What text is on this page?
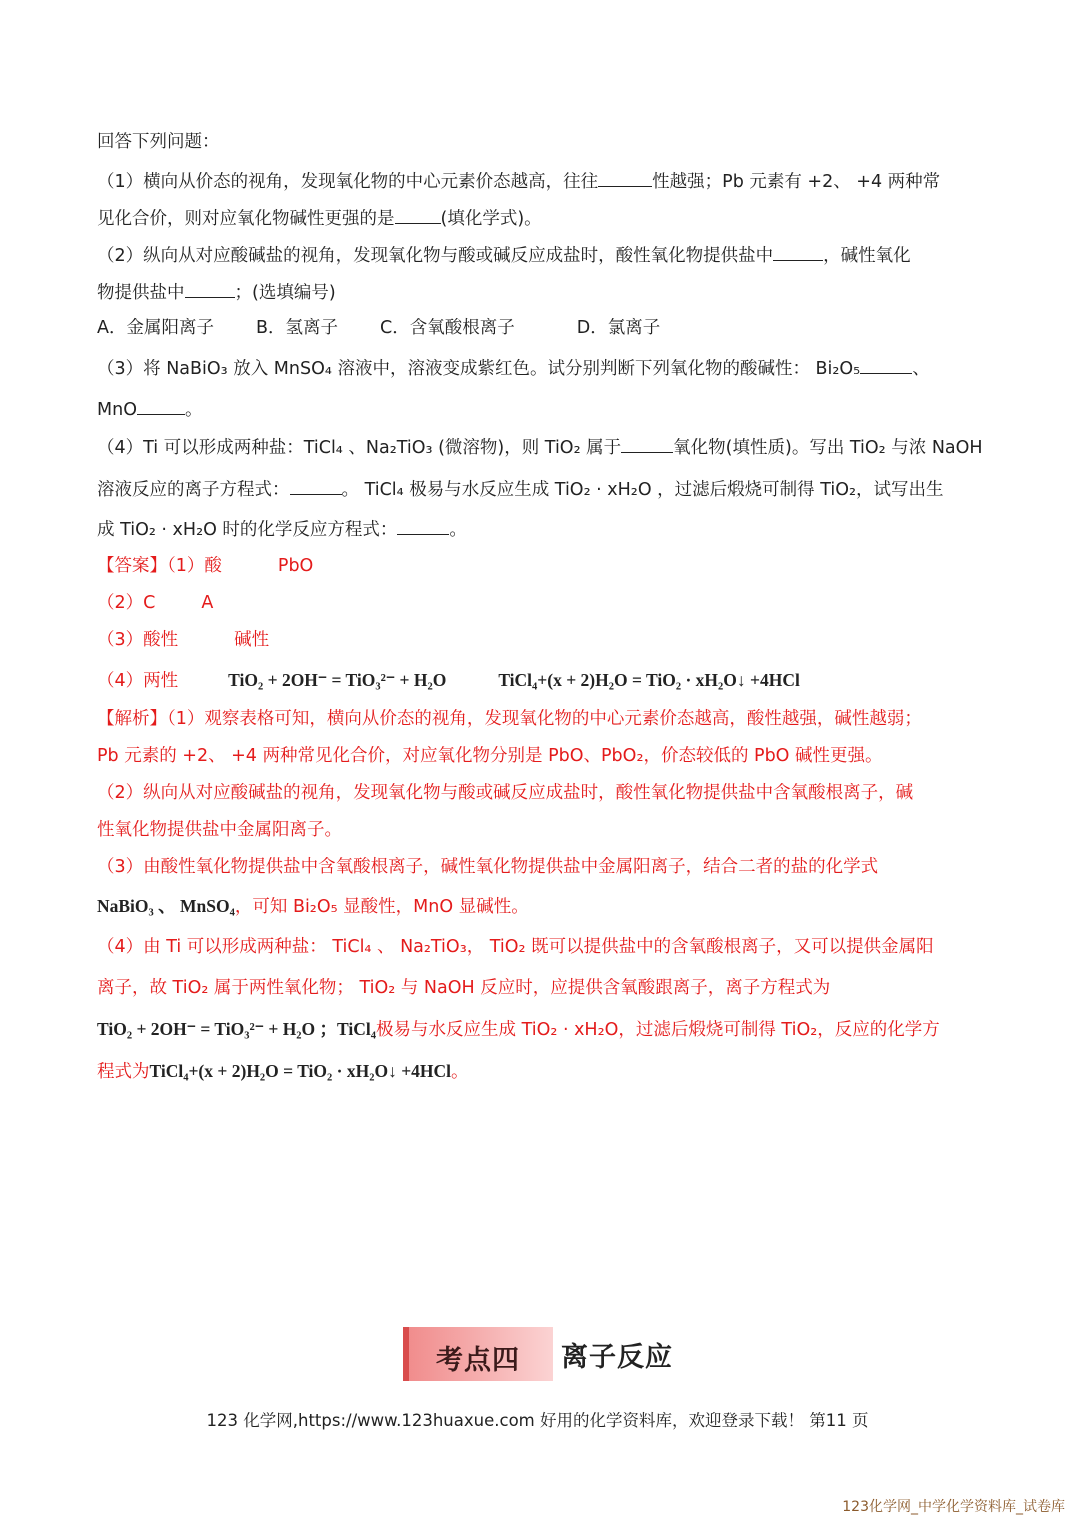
回答下列问题：
（1）横向从价态的视角，发现氧化物的中心元素价态越高，往往	性越强；Pb 元素有 +2、 +4 两种常
见化合价，则对应氧化物碱性更强的是	(填化学式)。
（2）纵向从对应酸碱盐的视角，发现氧化物与酸或碱反应成盐时，酸性氧化物提供盐中	，碱性氧化
物提供盐中	；(选填编号)
A．金属阳离子 B．氢离子 C．含氧酸根离子	D．氯离子
（3）将 NaBiO₃ 放入 MnSO₄ 溶液中，溶液变成紫红色。试分别判断下列氧化物的酸碱性： Bi₂O₅	、
MnO	。
（4）Ti 可以形成两种盐：TiCl₄ 、Na₂TiO₃ (微溶物)，则 TiO₂ 属于	氧化物(填性质)。写出 TiO₂ 与浓 NaOH
溶液反应的离子方程式：	。 TiCl₄ 极易与水反应生成 TiO₂ · xH₂O ，过滤后煅烧可制得 TiO₂，试写出生
成 TiO₂ · xH₂O 时的化学反应方程式：	。
【答案】（1）酸	PbO
（2）C	A
（3）酸性	碱性
（4）两性	TiO₂ + 2OH⁻ = TiO₃²⁻ + H₂O	TiCl₄+(x + 2)H₂O = TiO₂ · xH₂O↓ +4HCl
【解析】（1）观察表格可知，横向从价态的视角，发现氧化物的中心元素价态越高，酸性越强，碱性越弱；
Pb 元素的 +2、 +4 两种常见化合价，对应氧化物分别是 PbO、PbO₂，价态较低的 PbO 碱性更强。
（2）纵向从对应酸碱盐的视角，发现氧化物与酸或碱反应成盐时，酸性氧化物提供盐中含氧酸根离子，碱
性氧化物提供盐中金属阳离子。
（3）由酸性氧化物提供盐中含氧酸根离子，碱性氧化物提供盐中金属阳离子，结合二者的盐的化学式
NaBiO₃ 、 MnSO₄，可知 Bi₂O₅ 显酸性，MnO 显碱性。
（4）由 Ti 可以形成两种盐： TiCl₄ 、 Na₂TiO₃， TiO₂ 既可以提供盐中的含氧酸根离子，又可以提供金属阳
离子，故 TiO₂ 属于两性氧化物； TiO₂ 与 NaOH 反应时，应提供含氧酸跟离子，离子方程式为
TiO₂ + 2OH⁻ = TiO₃²⁻ + H₂O ；TiCl₄极易与水反应生成 TiO₂ · xH₂O，过滤后煅烧可制得 TiO₂，反应的化学方
程式为TiCl₄+(x + 2)H₂O = TiO₂ · xH₂O↓ +4HCl。
考点四 离子反应
123 化学网,https://www.123huaxue.com 好用的化学资料库，欢迎登录下载！ 第11 页
123化学网_中学化学资料库_试卷库
